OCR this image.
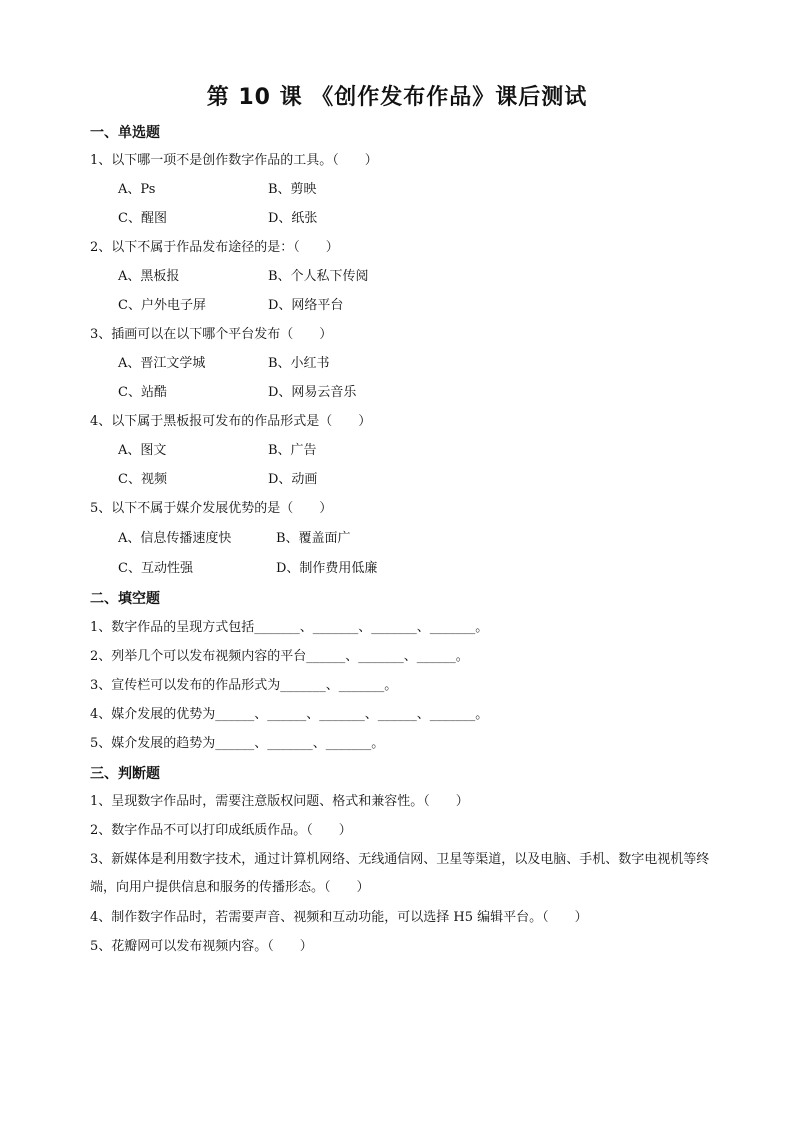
第 10 课 《创作发布作品》课后测试
一、单选题
1、以下哪一项不是创作数字作品的工具。（　　）
A、Ps	B、剪映
C、醒图	D、纸张
2、以下不属于作品发布途径的是：（　　）
A、黑板报	B、个人私下传阅
C、户外电子屏	D、网络平台
3、插画可以在以下哪个平台发布（　　）
A、晋江文学城	B、小红书
C、站酷	D、网易云音乐
4、以下属于黑板报可发布的作品形式是（　　）
A、图文	B、广告
C、视频	D、动画
5、以下不属于媒介发展优势的是（　　）
A、信息传播速度快	B、覆盖面广
C、互动性强	D、制作费用低廉
二、填空题
1、数字作品的呈现方式包括_______、_______、_______、_______。
2、列举几个可以发布视频内容的平台______、_______、______。
3、宣传栏可以发布的作品形式为_______、_______。
4、媒介发展的优势为______、______、_______、______、_______。
5、媒介发展的趋势为______、_______、_______。
三、判断题
1、呈现数字作品时，需要注意版权问题、格式和兼容性。（　　）
2、数字作品不可以打印成纸质作品。（　　）
3、新媒体是利用数字技术，通过计算机网络、无线通信网、卫星等渠道，以及电脑、手机、数字电视机等终端，向用户提供信息和服务的传播形态。（　　）
4、制作数字作品时，若需要声音、视频和互动功能，可以选择 H5 编辑平台。（　　）
5、花瓣网可以发布视频内容。（　　）
